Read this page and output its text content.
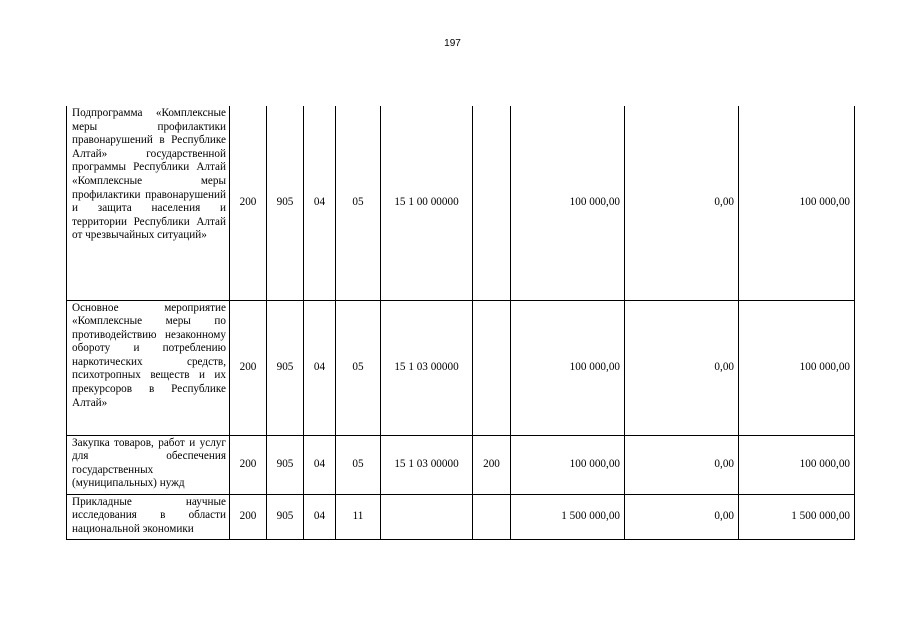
197
Подпрограмма «Комплексные меры профилактики правонарушений в Республике Алтай» государственной программы Республики Алтай «Комплексные меры профилактики правонарушений и защита населения и территории Республики Алтай от чрезвычайных ситуаций»	200	905	04	05	15 1 00 00000		100 000,00	0,00	100 000,00
Основное мероприятие «Комплексные меры по противодействию незаконному обороту и потреблению наркотических средств, психотропных веществ и их прекурсоров в Республике Алтай»	200	905	04	05	15 1 03 00000		100 000,00	0,00	100 000,00
Закупка товаров, работ и услуг для обеспечения государственных (муниципальных) нужд	200	905	04	05	15 1 03 00000	200	100 000,00	0,00	100 000,00
Прикладные научные исследования в области национальной экономики	200	905	04	11			1 500 000,00	0,00	1 500 000,00
